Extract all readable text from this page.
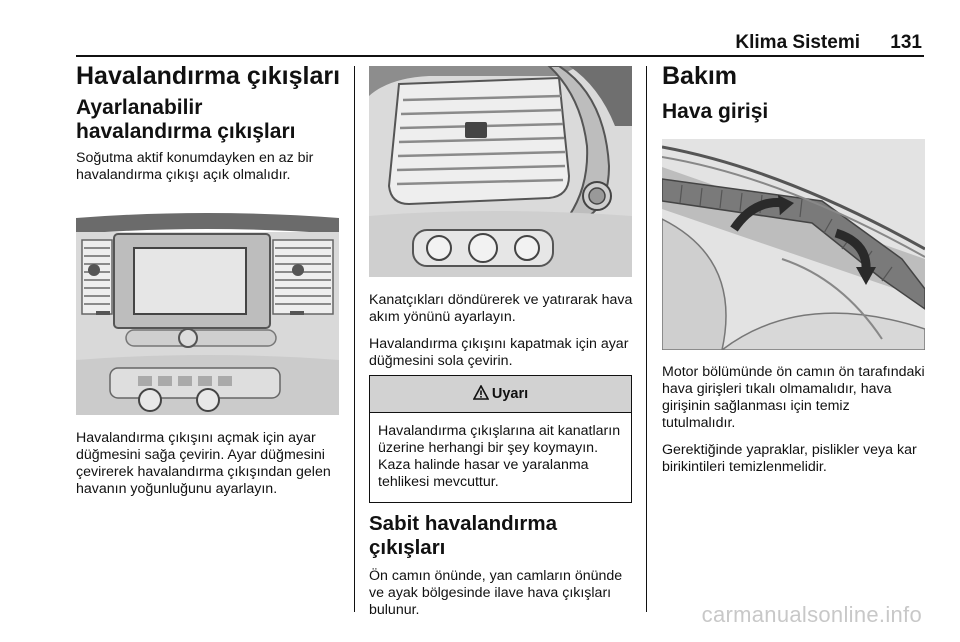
Klima Sistemi 131
Havalandırma çıkışları
Ayarlanabilir havalandırma çıkışları
Soğutma aktif konumdayken en az bir havalandırma çıkışı açık olmalıdır.
Havalandırma çıkışını açmak için ayar düğmesini sağa çevirin. Ayar düğmesini çevirerek havalandırma çıkışından gelen havanın yoğunluğunu ayarlayın.
Kanatçıkları döndürerek ve yatırarak hava akım yönünü ayarlayın.
Havalandırma çıkışını kapatmak için ayar düğmesini sola çevirin.
Uyarı
Havalandırma çıkışlarına ait kanatların üzerine herhangi bir şey koymayın. Kaza halinde hasar ve yaralanma tehlikesi mevcuttur.
Sabit havalandırma çıkışları
Ön camın önünde, yan camların önünde ve ayak bölgesinde ilave hava çıkışları bulunur.
Bakım
Hava girişi
Motor bölümünde ön camın ön tarafındaki hava girişleri tıkalı olmamalıdır, hava girişinin sağlanması için temiz tutulmalıdır.
Gerektiğinde yapraklar, pislikler veya kar birikintileri temizlenmelidir.
carmanualsonline.info
